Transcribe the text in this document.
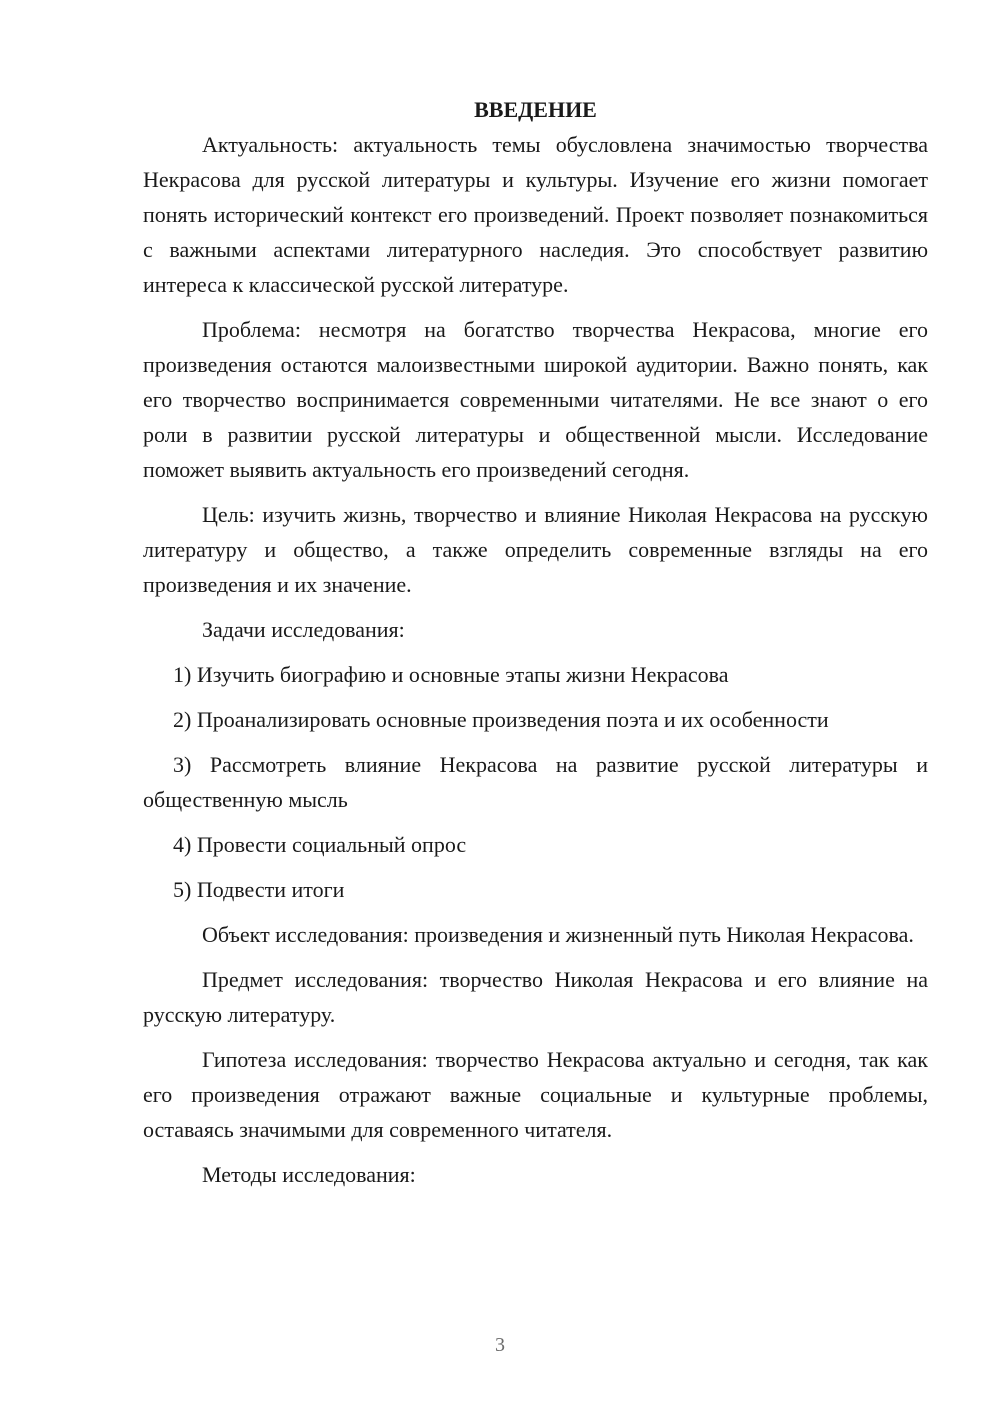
ВВЕДЕНИЕ

Актуальность: актуальность темы обусловлена значимостью творчества Некрасова для русской литературы и культуры. Изучение его жизни помогает понять исторический контекст его произведений. Проект позволяет познакомиться с важными аспектами литературного наследия. Это способствует развитию интереса к классической русской литературе.

Проблема: несмотря на богатство творчества Некрасова, многие его произведения остаются малоизвестными широкой аудитории. Важно понять, как его творчество воспринимается современными читателями. Не все знают о его роли в развитии русской литературы и общественной мысли. Исследование поможет выявить актуальность его произведений сегодня.

Цель: изучить жизнь, творчество и влияние Николая Некрасова на русскую литературу и общество, а также определить современные взгляды на его произведения и их значение.

Задачи исследования:

1) Изучить биографию и основные этапы жизни Некрасова

2) Проанализировать основные произведения поэта и их особенности

3) Рассмотреть влияние Некрасова на развитие русской литературы и общественную мысль

4) Провести социальный опрос

5) Подвести итоги

Объект исследования: произведения и жизненный путь Николая Некрасова.

Предмет исследования: творчество Николая Некрасова и его влияние на русскую литературу.

Гипотеза исследования: творчество Некрасова актуально и сегодня, так как его произведения отражают важные социальные и культурные проблемы, оставаясь значимыми для современного читателя.

Методы исследования:

3
